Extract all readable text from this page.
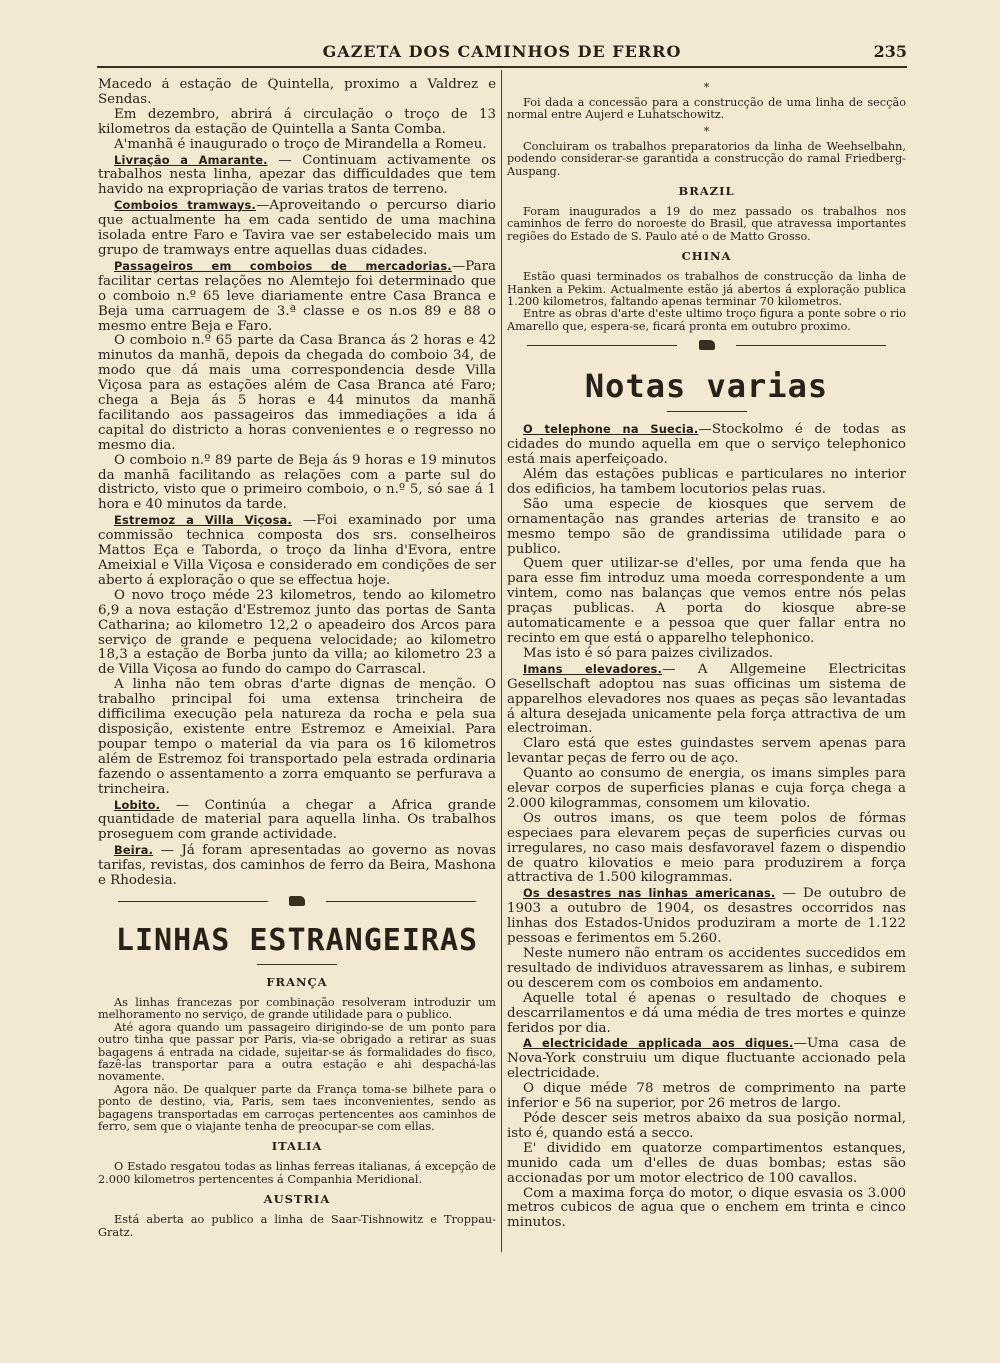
GAZETA DOS CAMINHOS DE FERRO	235

Macedo á estação de Quintella, proximo a Valdrez e Sendas.

Em dezembro, abrirá á circulação o troço de 13 kilometros da estação de Quintella a Santa Comba.

A'manhã é inaugurado o troço de Mirandella a Romeu.

Livração a Amarante. — Continuam activamente os trabalhos nesta linha, apezar das difficuldades que tem havido na expropriação de varias tratos de terreno.

Comboios tramways.—Aproveitando o percurso diario que actualmente ha em cada sentido de uma machina isolada entre Faro e Tavira vae ser estabelecido mais um grupo de tramways entre aquellas duas cidades.

Passageiros em comboios de mercadorias.—Para facilitar certas relações no Alemtejo foi determinado que o comboio n.º 65 leve diariamente entre Casa Branca e Beja uma carruagem de 3.ª classe e os n.os 89 e 88 o mesmo entre Beja e Faro.

O comboio n.º 65 parte da Casa Branca ás 2 horas e 42 minutos da manhã, depois da chegada do comboio 34, de modo que dá mais uma correspondencia desde Villa Viçosa para as estações além de Casa Branca até Faro; chega a Beja ás 5 horas e 44 minutos da manhã facilitando aos passageiros das immediações a ida á capital do districto a horas convenientes e o regresso no mesmo dia.

O comboio n.º 89 parte de Beja ás 9 horas e 19 minutos da manhã facilitando as relações com a parte sul do districto, visto que o primeiro comboio, o n.º 5, só sae á 1 hora e 40 minutos da tarde.

Estremoz a Villa Viçosa. —Foi examinado por uma commissão technica composta dos srs. conselheiros Mattos Eça e Taborda, o troço da linha d'Evora, entre Ameixial e Villa Viçosa e considerado em condições de ser aberto á exploração o que se effectua hoje.

O novo troço méde 23 kilometros, tendo ao kilometro 6,9 a nova estação d'Estremoz junto das portas de Santa Catharina; ao kilometro 12,2 o apeadeiro dos Arcos para serviço de grande e pequena velocidade; ao kilometro 18,3 a estação de Borba junto da villa; ao kilometro 23 a de Villa Viçosa ao fundo do campo do Carrascal.

A linha não tem obras d'arte dignas de menção. O trabalho principal foi uma extensa trincheira de difficilima execução pela natureza da rocha e pela sua disposição, existente entre Estremoz e Ameixial. Para poupar tempo o material da via para os 16 kilometros além de Estremoz foi transportado pela estrada ordinaria fazendo o assentamento a zorra emquanto se perfurava a trincheira.

Lobito. — Continúa a chegar a Africa grande quantidade de material para aquella linha. Os trabalhos proseguem com grande actividade.

Beira. — Já foram apresentadas ao governo as novas tarifas, revistas, dos caminhos de ferro da Beira, Mashona e Rhodesia.

LINHAS ESTRANGEIRAS
FRANÇA

As linhas francezas por combinação resolveram introduzir um melhoramento no serviço, de grande utilidade para o publico.

Até agora quando um passageiro dirigindo-se de um ponto para outro tinha que passar por Paris, via-se obrigado a retirar as suas bagagens á entrada na cidade, sujeitar-se ás formalidades do fisco, fazê-las transportar para a outra estação e ahi despachá-las novamente.

Agora não. De qualquer parte da França toma-se bilhete para o ponto de destino, via, Paris, sem taes inconvenientes, sendo as bagagens transportadas em carroças pertencentes aos caminhos de ferro, sem que o viajante tenha de preocupar-se com ellas.

ITALIA

O Estado resgatou todas as linhas ferreas italianas, á excepção de 2.000 kilometros pertencentes á Companhia Meridional.

AUSTRIA

Está aberta ao publico a linha de Saar-Tishnowitz e Troppau-Gratz.

*

Foi dada a concessão para a construcção de uma linha de secção normal entre Aujerd e Luhatschowitz.

*

Concluiram os trabalhos preparatorios da linha de Weehselbahn, podendo considerar-se garantida a construcção do ramal Friedberg-Auspang.

BRAZIL

Foram inaugurados a 19 do mez passado os trabalhos nos caminhos de ferro do noroeste do Brasil, que atravessa importantes regiões do Estado de S. Paulo até o de Matto Grosso.

CHINA

Estão quasi terminados os trabalhos de construcção da linha de Hanken a Pekim. Actualmente estão já abertos á exploração publica 1.200 kilometros, faltando apenas terminar 70 kilometros.

Entre as obras d'arte d'este ultimo troço figura a ponte sobre o rio Amarello que, espera-se, ficará pronta em outubro proximo.

Notas varias

O telephone na Suecia.—Stockolmo é de todas as cidades do mundo aquella em que o serviço telephonico está mais aperfeiçoado.

Além das estações publicas e particulares no interior dos edificios, ha tambem locutorios pelas ruas.

São uma especie de kiosques que servem de ornamentação nas grandes arterias de transito e ao mesmo tempo são de grandissima utilidade para o publico.

Quem quer utilizar-se d'elles, por uma fenda que ha para esse fim introduz uma moeda correspondente a um vintem, como nas balanças que vemos entre nós pelas praças publicas. A porta do kiosque abre-se automaticamente e a pessoa que quer fallar entra no recinto em que está o apparelho telephonico.

Mas isto é só para paizes civilizados.

Imans elevadores.— A Allgemeine Electricitas Gesellschaft adoptou nas suas officinas um sistema de apparelhos elevadores nos quaes as peças são levantadas á altura desejada unicamente pela força attractiva de um electroiman.

Claro está que estes guindastes servem apenas para levantar peças de ferro ou de aço.

Quanto ao consumo de energia, os imans simples para elevar corpos de superficies planas e cuja força chega a 2.000 kilogrammas, consomem um kilovatio.

Os outros imans, os que teem polos de fórmas especiaes para elevarem peças de superficies curvas ou irregulares, no caso mais desfavoravel fazem o dispendio de quatro kilovatios e meio para produzirem a força attractiva de 1.500 kilogrammas.

Os desastres nas linhas americanas. — De outubro de 1903 a outubro de 1904, os desastres occorridos nas linhas dos Estados-Unidos produziram a morte de 1.122 pessoas e ferimentos em 5.260.

Neste numero não entram os accidentes succedidos em resultado de individuos atravessarem as linhas, e subirem ou descerem com os comboios em andamento.

Aquelle total é apenas o resultado de choques e descarrilamentos e dá uma média de tres mortes e quinze feridos por dia.

A electricidade applicada aos diques.—Uma casa de Nova-York construiu um dique fluctuante accionado pela electricidade.

O dique méde 78 metros de comprimento na parte inferior e 56 na superior, por 26 metros de largo.

Póde descer seis metros abaixo da sua posição normal, isto é, quando está a secco.

E' dividido em quatorze compartimentos estanques, munido cada um d'elles de duas bombas; estas são accionadas por um motor electrico de 100 cavallos.

Com a maxima força do motor, o dique esvasia os 3.000 metros cubicos de agua que o enchem em trinta e cinco minutos.
